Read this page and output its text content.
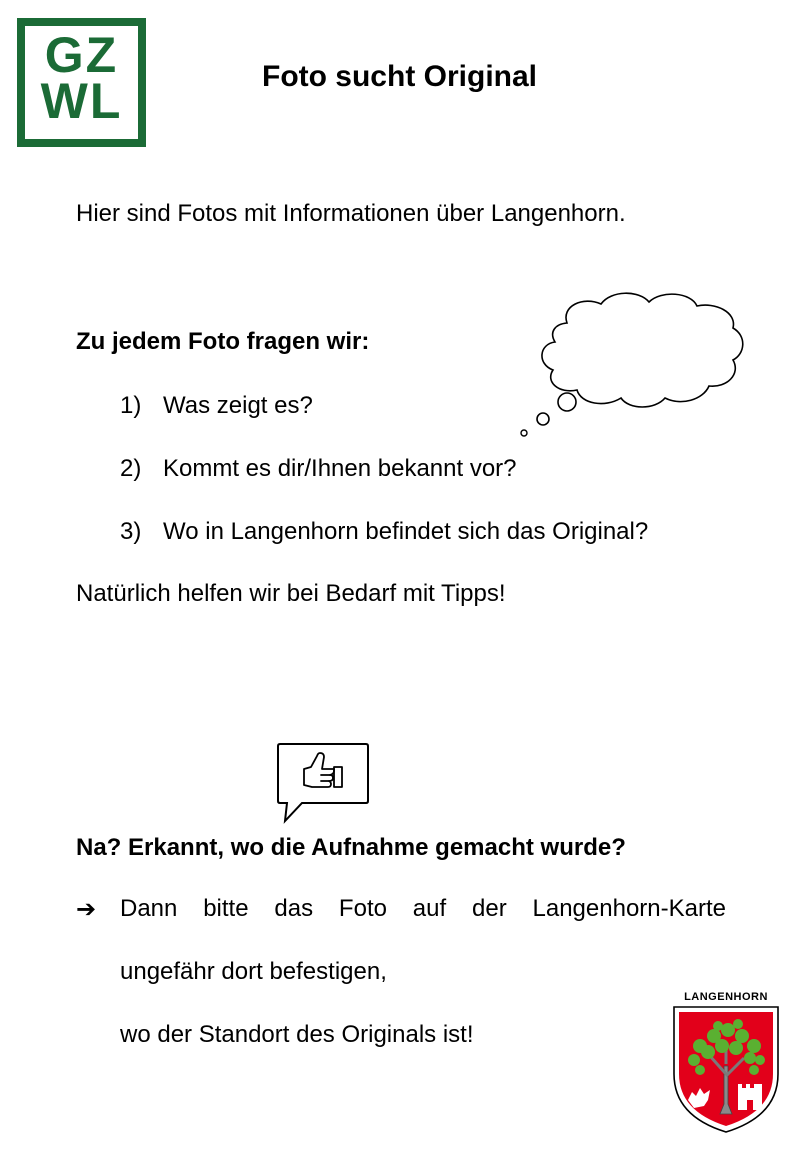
GZ
WL	Foto sucht Original
Hier sind Fotos mit Informationen über Langenhorn.
Zu jedem Foto fragen wir:
1) Was zeigt es?
2) Kommt es dir/Ihnen bekannt vor?
3) Wo in Langenhorn befindet sich das Original?
Natürlich helfen wir bei Bedarf mit Tipps!
Na? Erkannt, wo die Aufnahme gemacht wurde?
➔ Dann bitte das Foto auf der Langenhorn-Karte
ungefähr dort befestigen,
wo der Standort des Originals ist!
LANGENHORN
